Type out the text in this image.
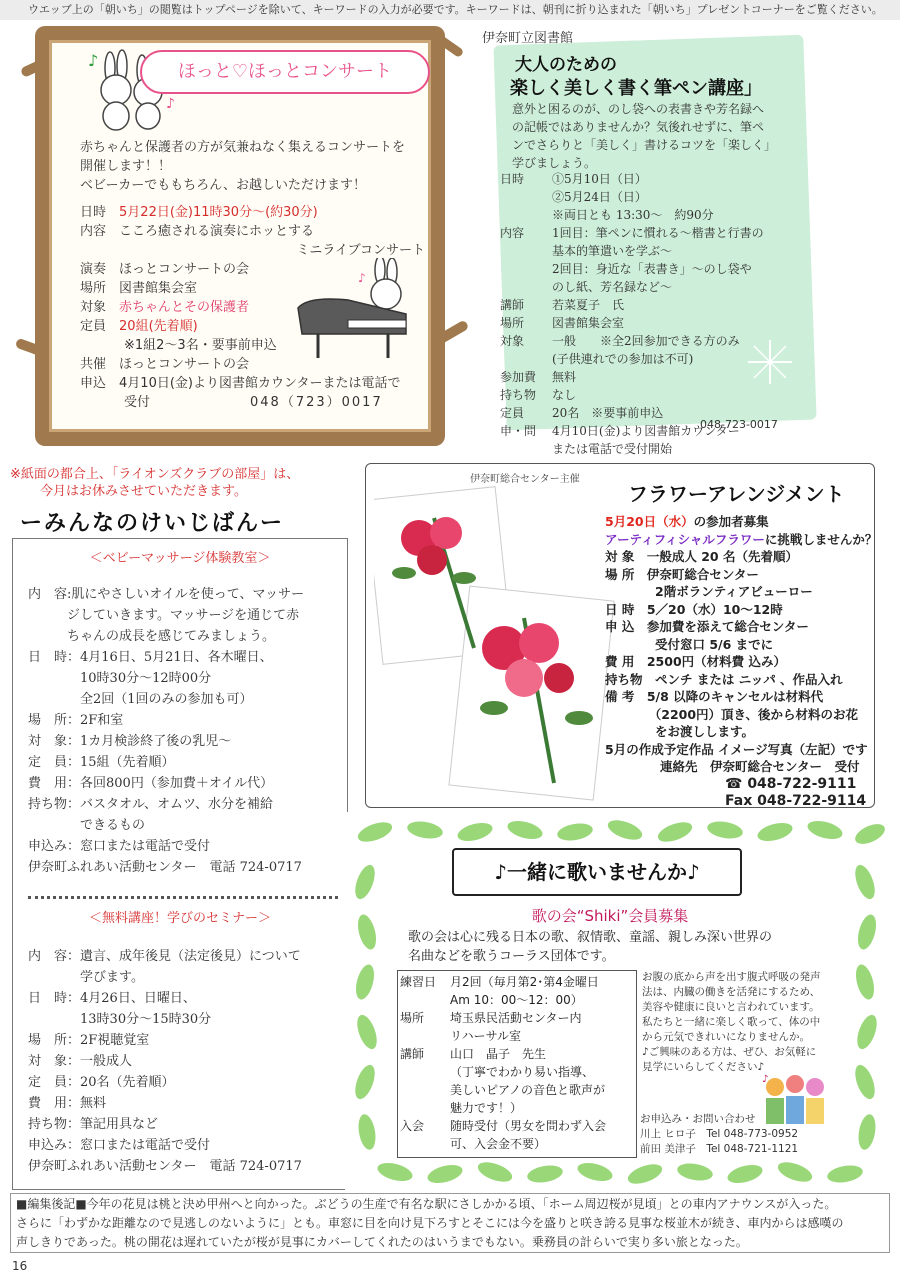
ウエッブ上の「朝いち」の閲覧はトップページを除いて、キーワードの入力が必要です。キーワードは、朝刊に折り込まれた「朝いち」プレゼントコーナーをご覧ください。
♪
♪
ほっと♡ほっとコンサート
赤ちゃんと保護者の方が気兼ねなく集えるコンサートを
開催します！！
ベビーカーでももちろん、お越しいただけます！
日時　 5月22日(金)11時30分～(約30分)
内容　 こころ癒される演奏にホッとする
ミニライブコンサート
演奏　 ほっとコンサートの会
場所　 図書館集会室
対象　 赤ちゃんとその保護者
定員　 20組(先着順)
※1組2～3名・要事前申込
共催　 ほっとコンサートの会
申込　 4月10日(金)より図書館カウンターまたは電話で
受付	048（723）0017
♪
伊奈町立図書館
大人のための
楽しく美しく書く筆ペン講座」
意外と困るのが、のし袋への表書きや芳名録へ
の記帳ではありませんか？気後れせずに、筆ペ
ンでさらりと「美しく」書けるコツを「楽しく」
学びましょう。
日時 ①5月10日（日）
②5月24日（日）
※両日とも 13:30～　約90分
内容 1回目：筆ペンに慣れる～楷書と行書の
基本的筆遣いを学ぶ～
2回目：身近な「表書き」～のし袋や
のし紙、芳名録など～
講師 若菜夏子　氏
場所 図書館集会室
対象 一般　　※全2回参加できる方のみ
(子供連れでの参加は不可)
参加費 無料
持ち物 なし
定員 20名　※要事前申込
申・問 4月10日(金)より図書館カウンター
または電話で受付開始
048-723-0017
※紙面の都合上、「ライオンズクラブの部屋」は、
今月はお休みさせていただきます。
ーみんなのけいじばんー
＜ベビーマッサージ体験教室＞
内　容:肌にやさしいオイルを使って、マッサー
　　　ジしていきます。マッサージを通じて赤
　　　ちゃんの成長を感じてみましょう。
日　時：4月16日、5月21日、各木曜日、
　　　　10時30分～12時00分
　　　　全2回（1回のみの参加も可）
場　所：2F和室
対　象：1カ月検診終了後の乳児～
定　員：15組（先着順）
費　用：各回800円（参加費＋オイル代）
持ち物：バスタオル、オムツ、水分を補給
　　　　できるもの
申込み：窓口または電話で受付
伊奈町ふれあい活動センター　電話 724-0717
＜無料講座！学びのセミナー＞
内　容：遺言、成年後見（法定後見）について
　　　　学びます。
日　時：4月26日、日曜日、
　　　　13時30分～15時30分
場　所：2F視聴覚室
対　象：一般成人
定　員：20名（先着順）
費　用：無料
持ち物：筆記用具など
申込み：窓口または電話で受付
伊奈町ふれあい活動センター　電話 724-0717
伊奈町総合センター主催
フラワーアレンジメント
5月20日（水）の参加者募集
アーティフィシャルフラワーに挑戦しませんか？
対 象　一般成人 20 名（先着順）
場 所　伊奈町総合センター
　　　　2階ボランティアビューロー
日 時　5／20（水）10～12時
申 込　参加費を添えて総合センター
　　　　受付窓口 5/6 までに
費 用　2500円（材料費 込み）
持ち物　ペンチ または ニッパ 、作品入れ
備 考　5/8 以降のキャンセルは材料代
　　　　（2200円）頂き、後から材料のお花
　　　　をお渡しします。
5月の作成予定作品 イメージ写真（左記）です
連絡先　伊奈町総合センター　受付
☎ 048-722-9111
Fax 048-722-9114
♪一緒に歌いませんか♪
歌の会“Shiki”会員募集
歌の会は心に残る日本の歌、叙情歌、童謡、親しみ深い世界の
名曲などを歌うコーラス団体です。
練習日 月2回（毎月第2･第4金曜日
Am 10：00～12：00）
場所 埼玉県民活動センター内
リハーサル室
講師 山口　晶子　先生
（丁寧でわかり易い指導、
美しいピアノの音色と歌声が
魅力です！）
入会 随時受付（男女を問わず入会
可、入会金不要）
お腹の底から声を出す腹式呼吸の発声
法は、内臓の働きを活発にするため、
美容や健康に良いと言われています。
私たちと一緒に楽しく歌って、体の中
から元気できれいになりませんか。
♪ご興味のある方は、ぜひ、お気軽に
見学にいらしてください♪
♪
お申込み・お問い合わせ
川上 ヒロ子　Tel 048-773-0952
前田 美津子　Tel 048-721-1121
■編集後記■今年の花見は桃と決め甲州へと向かった。ぶどうの生産で有名な駅にさしかかる頃、「ホーム周辺桜が見頃」との車内アナウンスが入った。
さらに「わずかな距離なので見逃しのないように」とも。車窓に目を向け見下ろすとそこには今を盛りと咲き誇る見事な桜並木が続き、車内からは感嘆の
声しきりであった。桃の開花は遅れていたが桜が見事にカバーしてくれたのはいうまでもない。乗務員の計らいで実り多い旅となった。
16
